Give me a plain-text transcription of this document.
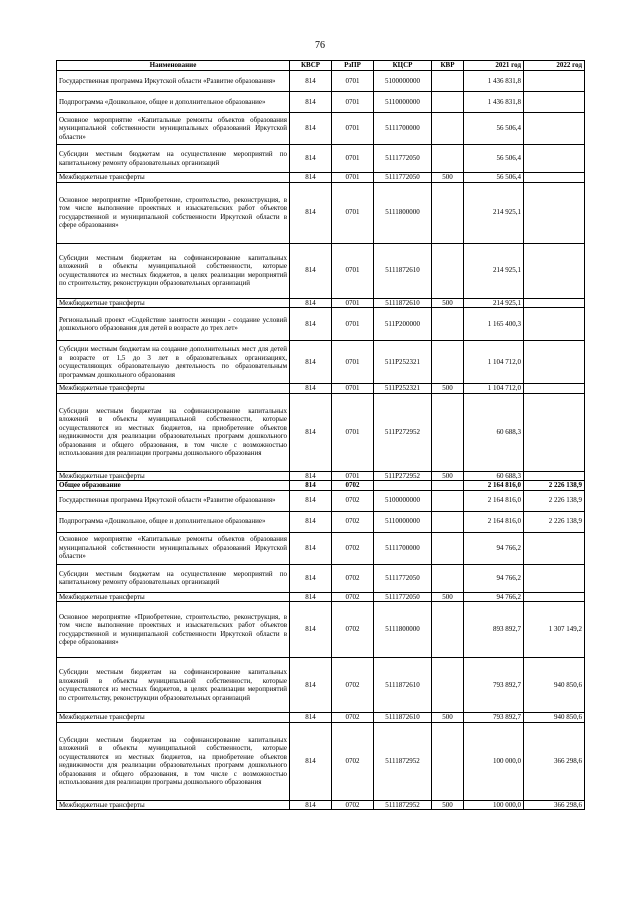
76
Наименование	КВСР	РзПР	КЦСР	КВР	2021 год	2022 год
Государственная программа Иркутской области «Развитие образования»	814	0701	5100000000		1 436 831,8	
Подпрограмма «Дошкольное, общее и дополнительное образование»	814	0701	5110000000		1 436 831,8	
Основное мероприятие «Капитальные ремонты объектов образования муниципальной собственности муниципальных образований Иркутской области»	814	0701	5111700000		56 506,4	
Субсидии местным бюджетам на осуществление мероприятий по капитальному ремонту образовательных организаций	814	0701	5111772050		56 506,4	
Межбюджетные трансферты	814	0701	5111772050	500	56 506,4	
Основное мероприятие «Приобретение, строительство, реконструкция, в том числе выполнение проектных и изыскательских работ объектов государственной и муниципальной собственности Иркутской области в сфере образования»	814	0701	5111800000		214 925,1	
Субсидии местным бюджетам на софинансирование капитальных вложений в объекты муниципальной собственности, которые осуществляются из местных бюджетов, в целях реализации мероприятий по строительству, реконструкции образовательных организаций	814	0701	5111872610		214 925,1	
Межбюджетные трансферты	814	0701	5111872610	500	214 925,1	
Региональный проект «Содействие занятости женщин - создание условий дошкольного образования для детей в возрасте до трех лет»	814	0701	511P200000		1 165 400,3	
Субсидии местным бюджетам на создание дополнительных мест для детей в возрасте от 1,5 до 3 лет в образовательных организациях, осуществляющих образовательную деятельность по образовательным программам дошкольного образования	814	0701	511P252321		1 104 712,0	
Межбюджетные трансферты	814	0701	511P252321	500	1 104 712,0	
Субсидии местным бюджетам на софинансирование капитальных вложений в объекты муниципальной собственности, которые осуществляются из местных бюджетов, на приобретение объектов недвижимости для реализации образовательных программ дошкольного образования и общего образования, в том числе с возможностью использования для реализации програмы дошкольного образования	814	0701	511P272952		60 688,3	
Межбюджетные трансферты	814	0701	511P272952	500	60 688,3	
Общее образование	814	0702			2 164 816,0	2 226 138,9
Государственная программа Иркутской области «Развитие образования»	814	0702	5100000000		2 164 816,0	2 226 138,9
Подпрограмма «Дошкольное, общее и дополнительное образование»	814	0702	5110000000		2 164 816,0	2 226 138,9
Основное мероприятие «Капитальные ремонты объектов образования муниципальной собственности муниципальных образований Иркутской области»	814	0702	5111700000		94 766,2	
Субсидии местным бюджетам на осуществление мероприятий по капитальному ремонту образовательных организаций	814	0702	5111772050		94 766,2	
Межбюджетные трансферты	814	0702	5111772050	500	94 766,2	
Основное мероприятие «Приобретение, строительство, реконструкция, в том числе выполнение проектных и изыскательских работ объектов государственной и муниципальной собственности Иркутской области в сфере образования»	814	0702	5111800000		893 892,7	1 307 149,2
Субсидии местным бюджетам на софинансирование капитальных вложений в объекты муниципальной собственности, которые осуществляются из местных бюджетов, в целях реализации мероприятий по строительству, реконструкции образовательных организаций	814	0702	5111872610		793 892,7	940 850,6
Межбюджетные трансферты	814	0702	5111872610	500	793 892,7	940 850,6
Субсидии местным бюджетам на софинансирование капитальных вложений в объекты муниципальной собственности, которые осуществляются из местных бюджетов, на приобретение объектов недвижимости для реализации образовательных программ дошкольного образования и общего образования, в том числе с возможностью использования для реализации програмы дошкольного образования	814	0702	5111872952		100 000,0	366 298,6
Межбюджетные трансферты	814	0702	5111872952	500	100 000,0	366 298,6
